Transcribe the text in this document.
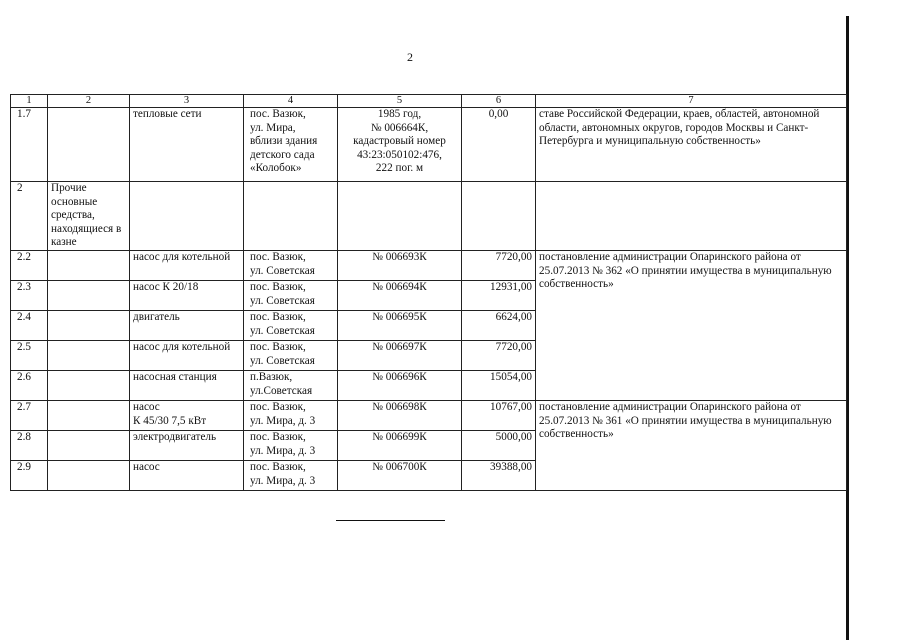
2
1	2	3	4	5	6	7
1.7		тепловые сети	пос. Вазюк,
ул. Мира,
вблизи здания
детского сада
«Колобок»	1985 год,
№ 006664К,
кадастровый номер
43:23:050102:476,
222 пог. м	0,00	ставе Российской Федерации, краев, областей, автономной области, автономных округов, городов Москвы и Санкт-Петербурга и муниципальную собственность»
2	Прочие основные средства, находящиеся в казне					
2.2		насос для котельной	пос. Вазюк,
ул. Советская	№ 006693К	7720,00	постановление администрации Опаринского района от 25.07.2013 № 362 «О принятии имущества в муниципальную собственность»
2.3		насос К 20/18	пос. Вазюк,
ул. Советская	№ 006694К	12931,00	
2.4		двигатель	пос. Вазюк,
ул. Советская	№ 006695К	6624,00	
2.5		насос для котельной	пос. Вазюк,
ул. Советская	№ 006697К	7720,00	
2.6		насосная станция	п.Вазюк,
ул.Советская	№ 006696К	15054,00	
2.7		насос
К 45/30 7,5 кВт	пос. Вазюк,
ул. Мира, д. 3	№ 006698К	10767,00	постановление администрации Опаринского района от 25.07.2013 № 361 «О принятии имущества в муниципальную собственность»
2.8		электродвигатель	пос. Вазюк,
ул. Мира, д. 3	№ 006699К	5000,00	
2.9		насос	пос. Вазюк,
ул. Мира, д. 3	№ 006700К	39388,00	
